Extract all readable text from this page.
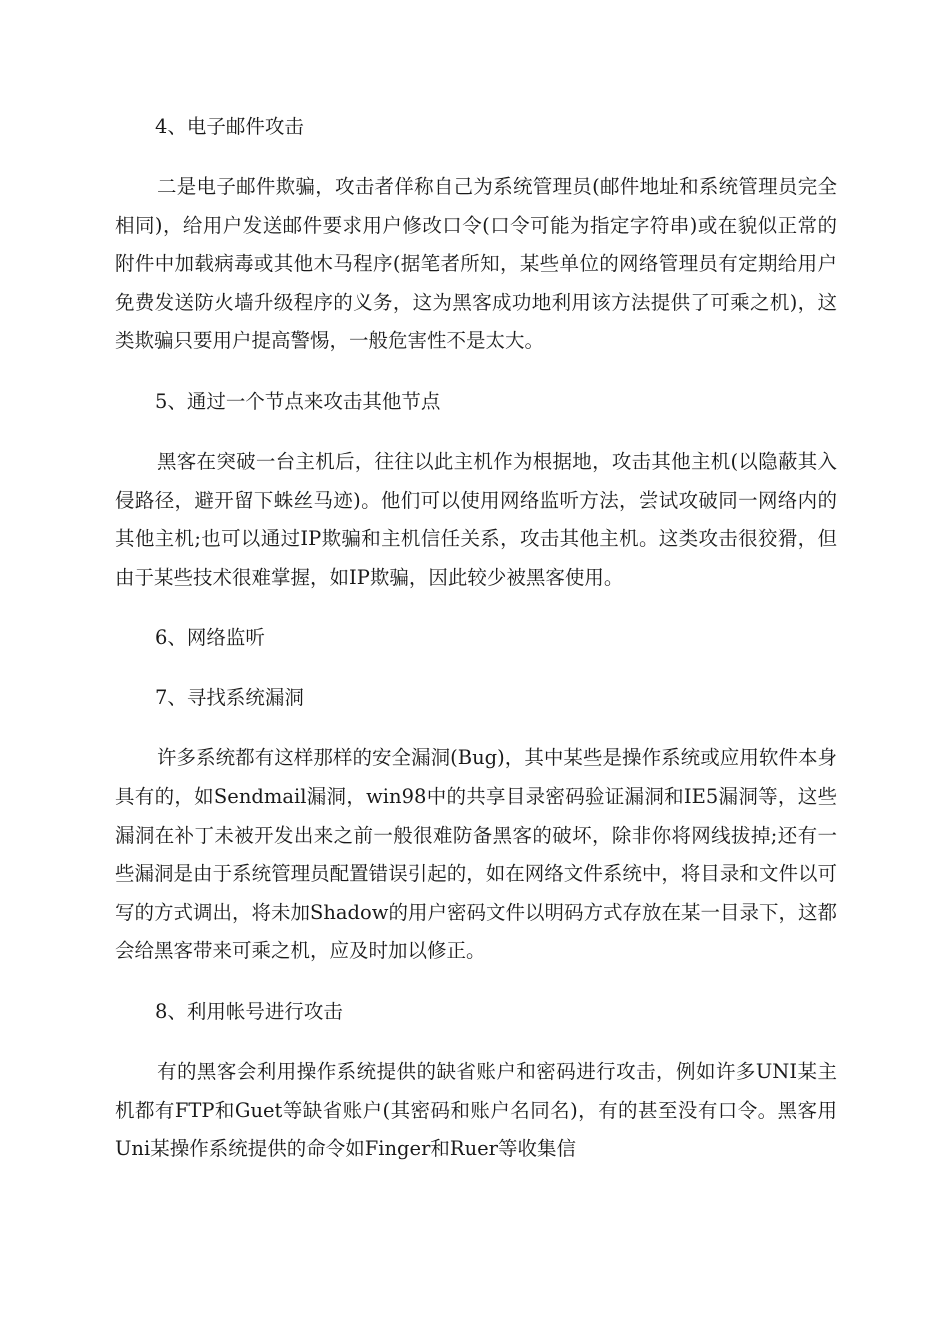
4、电子邮件攻击

二是电子邮件欺骗，攻击者佯称自己为系统管理员(邮件地址和系统管理员完全相同)，给用户发送邮件要求用户修改口令(口令可能为指定字符串)或在貌似正常的附件中加载病毒或其他木马程序(据笔者所知，某些单位的网络管理员有定期给用户免费发送防火墙升级程序的义务，这为黑客成功地利用该方法提供了可乘之机)，这类欺骗只要用户提高警惕，一般危害性不是太大。

5、通过一个节点来攻击其他节点

黑客在突破一台主机后，往往以此主机作为根据地，攻击其他主机(以隐蔽其入侵路径，避开留下蛛丝马迹)。他们可以使用网络监听方法，尝试攻破同一网络内的其他主机;也可以通过IP欺骗和主机信任关系，攻击其他主机。这类攻击很狡猾，但由于某些技术很难掌握，如IP欺骗，因此较少被黑客使用。

6、网络监听

7、寻找系统漏洞

许多系统都有这样那样的安全漏洞(Bug)，其中某些是操作系统或应用软件本身具有的，如Sendmail漏洞，win98中的共享目录密码验证漏洞和IE5漏洞等，这些漏洞在补丁未被开发出来之前一般很难防备黑客的破坏，除非你将网线拔掉;还有一些漏洞是由于系统管理员配置错误引起的，如在网络文件系统中，将目录和文件以可写的方式调出，将未加Shadow的用户密码文件以明码方式存放在某一目录下，这都会给黑客带来可乘之机，应及时加以修正。

8、利用帐号进行攻击

有的黑客会利用操作系统提供的缺省账户和密码进行攻击，例如许多UNI某主机都有FTP和Guet等缺省账户(其密码和账户名同名)，有的甚至没有口令。黑客用Uni某操作系统提供的命令如Finger和Ruer等收集信
